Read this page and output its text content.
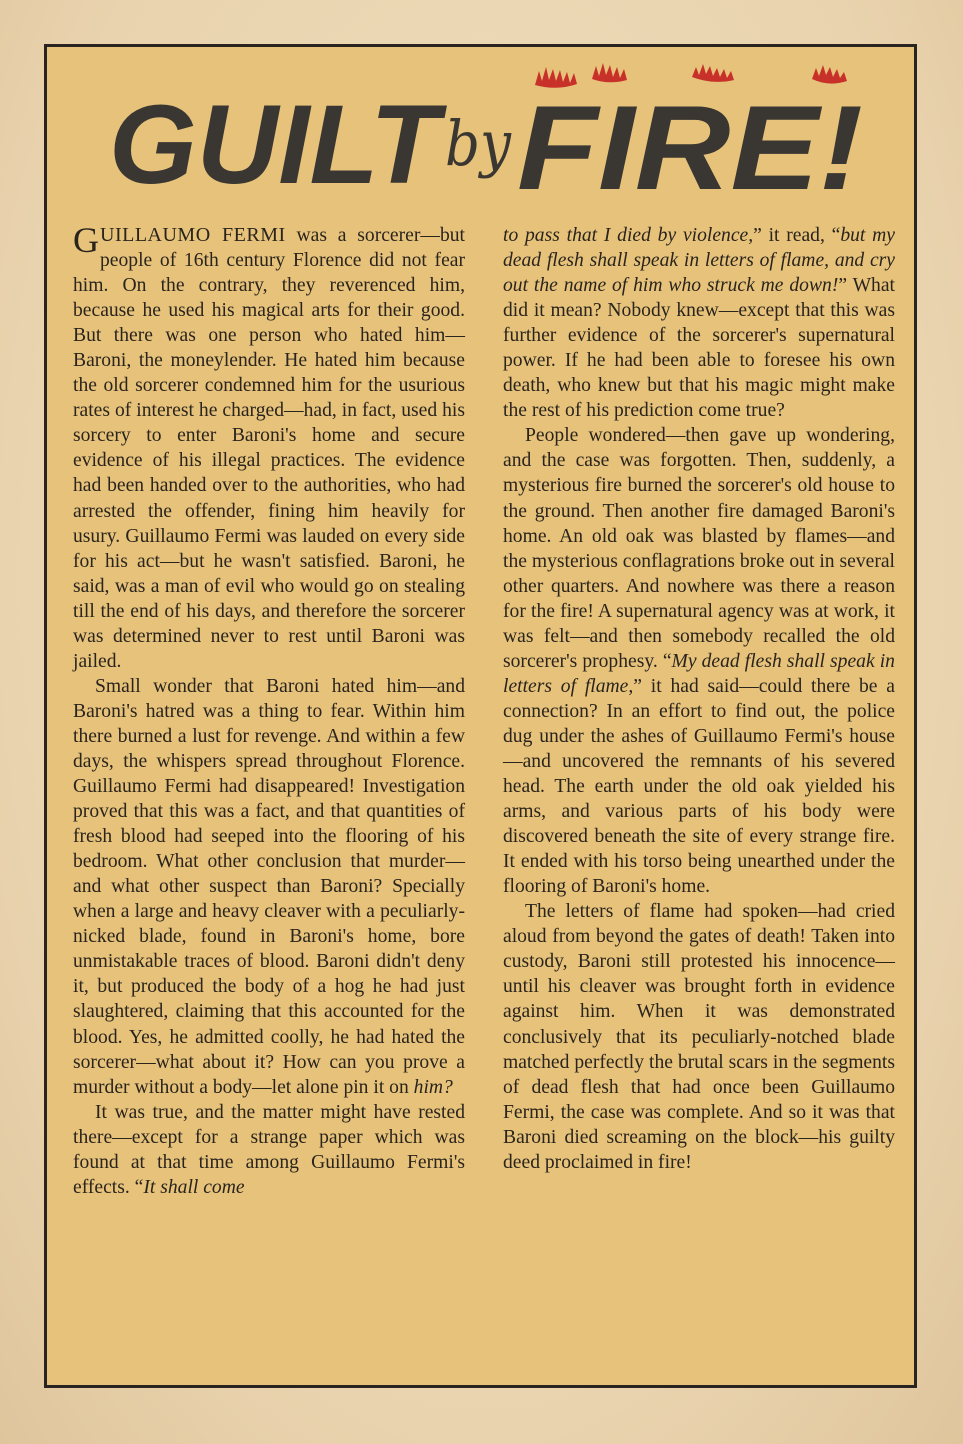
GUILT
by FIRE!

GUILLAUMO FERMI was a sorcerer—but people of 16th century Florence did not fear him. On the contrary, they reverenced him, because he used his magical arts for their good. But there was one person who hated him—Baroni, the moneylender. He hated him because the old sorcerer condemned him for the usurious rates of interest he charged—had, in fact, used his sorcery to enter Baroni's home and secure evidence of his illegal practices. The evidence had been handed over to the authorities, who had arrested the offender, fining him heavily for usury. Guillaumo Fermi was lauded on every side for his act—but he wasn't satisfied. Baroni, he said, was a man of evil who would go on stealing till the end of his days, and therefore the sorcerer was determined never to rest until Baroni was jailed.

Small wonder that Baroni hated him—and Baroni's hatred was a thing to fear. Within him there burned a lust for revenge. And within a few days, the whispers spread throughout Florence. Guillaumo Fermi had disappeared! Investigation proved that this was a fact, and that quantities of fresh blood had seeped into the flooring of his bedroom. What other conclusion that murder—and what other suspect than Baroni? Specially when a large and heavy cleaver with a peculiarly-nicked blade, found in Baroni's home, bore unmistakable traces of blood. Baroni didn't deny it, but produced the body of a hog he had just slaughtered, claiming that this accounted for the blood. Yes, he admitted coolly, he had hated the sorcerer—what about it? How can you prove a murder without a body—let alone pin it on him?

It was true, and the matter might have rested there—except for a strange paper which was found at that time among Guillaumo Fermi's effects. “It shall come

to pass that I died by violence,” it read, “but my dead flesh shall speak in letters of flame, and cry out the name of him who struck me down!” What did it mean? Nobody knew—except that this was further evidence of the sorcerer's supernatural power. If he had been able to foresee his own death, who knew but that his magic might make the rest of his prediction come true?

People wondered—then gave up wondering, and the case was forgotten. Then, suddenly, a mysterious fire burned the sorcerer's old house to the ground. Then another fire damaged Baroni's home. An old oak was blasted by flames—and the mysterious conflagrations broke out in several other quarters. And nowhere was there a reason for the fire! A supernatural agency was at work, it was felt—and then somebody recalled the old sorcerer's prophesy. “My dead flesh shall speak in letters of flame,” it had said—could there be a connection? In an effort to find out, the police dug under the ashes of Guillaumo Fermi's house—and uncovered the remnants of his severed head. The earth under the old oak yielded his arms, and various parts of his body were discovered beneath the site of every strange fire. It ended with his torso being unearthed under the flooring of Baroni's home.

The letters of flame had spoken—had cried aloud from beyond the gates of death! Taken into custody, Baroni still protested his innocence—until his cleaver was brought forth in evidence against him. When it was demonstrated conclusively that its peculiarly-notched blade matched perfectly the brutal scars in the segments of dead flesh that had once been Guillaumo Fermi, the case was complete. And so it was that Baroni died screaming on the block—his guilty deed proclaimed in fire!
